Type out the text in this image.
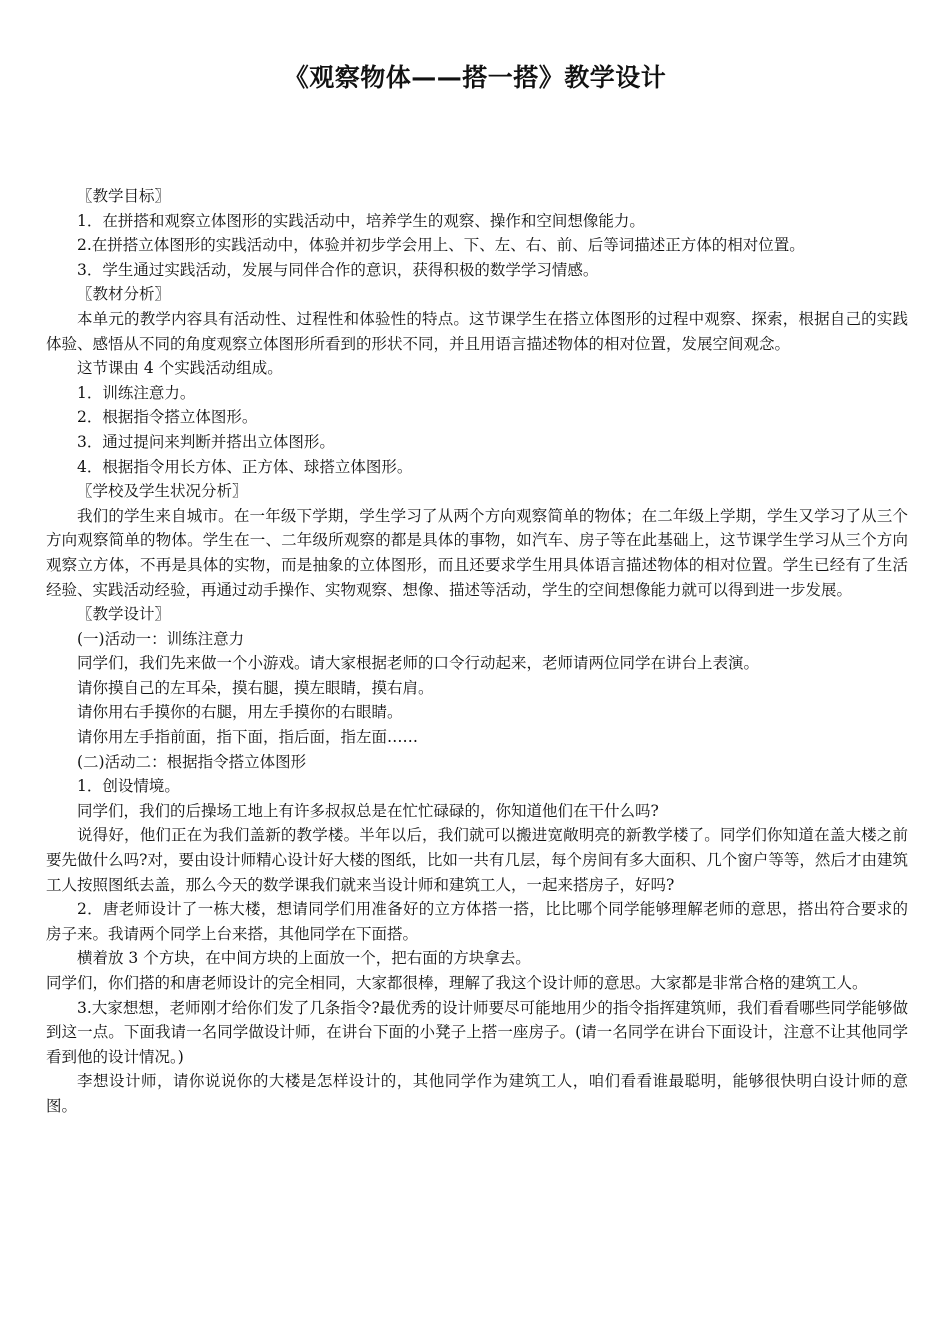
《观察物体——搭一搭》教学设计

〖教学目标〗

1．在拼搭和观察立体图形的实践活动中，培养学生的观察、操作和空间想像能力。

2.在拼搭立体图形的实践活动中，体验并初步学会用上、下、左、右、前、后等词描述正方体的相对位置。

3．学生通过实践活动，发展与同伴合作的意识，获得积极的数学学习情感。

〖教材分析〗

本单元的教学内容具有活动性、过程性和体验性的特点。这节课学生在搭立体图形的过程中观察、探索，根据自己的实践体验、感悟从不同的角度观察立体图形所看到的形状不同，并且用语言描述物体的相对位置，发展空间观念。

这节课由 4 个实践活动组成。

1．训练注意力。

2．根据指令搭立体图形。

3．通过提问来判断并搭出立体图形。

4．根据指令用长方体、正方体、球搭立体图形。

〖学校及学生状况分析〗

我们的学生来自城市。在一年级下学期，学生学习了从两个方向观察简单的物体；在二年级上学期，学生又学习了从三个方向观察简单的物体。学生在一、二年级所观察的都是具体的事物，如汽车、房子等在此基础上，这节课学生学习从三个方向观察立方体，不再是具体的实物，而是抽象的立体图形，而且还要求学生用具体语言描述物体的相对位置。学生已经有了生活经验、实践活动经验，再通过动手操作、实物观察、想像、描述等活动，学生的空间想像能力就可以得到进一步发展。

〖教学设计〗

(一)活动一：训练注意力

同学们，我们先来做一个小游戏。请大家根据老师的口令行动起来，老师请两位同学在讲台上表演。

请你摸自己的左耳朵，摸右腿，摸左眼睛，摸右肩。

请你用右手摸你的右腿，用左手摸你的右眼睛。

请你用左手指前面，指下面，指后面，指左面……

(二)活动二：根据指令搭立体图形

1．创设情境。

同学们，我们的后操场工地上有许多叔叔总是在忙忙碌碌的，你知道他们在干什么吗?

说得好，他们正在为我们盖新的教学楼。半年以后，我们就可以搬进宽敞明亮的新教学楼了。同学们你知道在盖大楼之前要先做什么吗?对，要由设计师精心设计好大楼的图纸，比如一共有几层，每个房间有多大面积、几个窗户等等，然后才由建筑工人按照图纸去盖，那么今天的数学课我们就来当设计师和建筑工人，一起来搭房子，好吗?

2．唐老师设计了一栋大楼，想请同学们用准备好的立方体搭一搭，比比哪个同学能够理解老师的意思，搭出符合要求的房子来。我请两个同学上台来搭，其他同学在下面搭。

横着放 3 个方块，在中间方块的上面放一个，把右面的方块拿去。

同学们，你们搭的和唐老师设计的完全相同，大家都很棒，理解了我这个设计师的意思。大家都是非常合格的建筑工人。

3.大家想想，老师刚才给你们发了几条指令?最优秀的设计师要尽可能地用少的指令指挥建筑师，我们看看哪些同学能够做到这一点。下面我请一名同学做设计师，在讲台下面的小凳子上搭一座房子。(请一名同学在讲台下面设计，注意不让其他同学看到他的设计情况。)

李想设计师，请你说说你的大楼是怎样设计的，其他同学作为建筑工人，咱们看看谁最聪明，能够很快明白设计师的意图。
